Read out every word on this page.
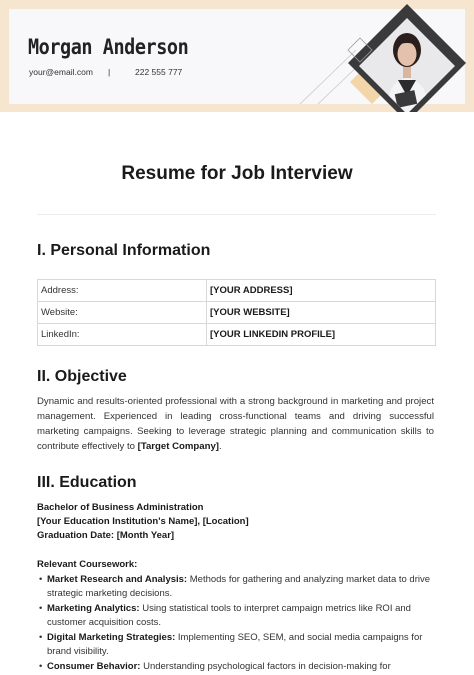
Morgan Anderson
your@email.com |	222 555 777
Resume for Job Interview
I. Personal Information
Address:	[YOUR ADDRESS]
Website:	[YOUR WEBSITE]
LinkedIn:	[YOUR LINKEDIN PROFILE]
II. Objective

Dynamic and results-oriented professional with a strong background in marketing and project management. Experienced in leading cross-functional teams and driving successful marketing campaigns. Seeking to leverage strategic planning and communication skills to contribute effectively to [Target Company].

III. Education
Bachelor of Business Administration
[Your Education Institution's Name], [Location]
Graduation Date: [Month Year]
Relevant Coursework:
• Market Research and Analysis: Methods for gathering and analyzing market data to drive strategic marketing decisions.
• Marketing Analytics: Using statistical tools to interpret campaign metrics like ROI and customer acquisition costs.
• Digital Marketing Strategies: Implementing SEO, SEM, and social media campaigns for brand visibility.
• Consumer Behavior: Understanding psychological factors in decision-making for
